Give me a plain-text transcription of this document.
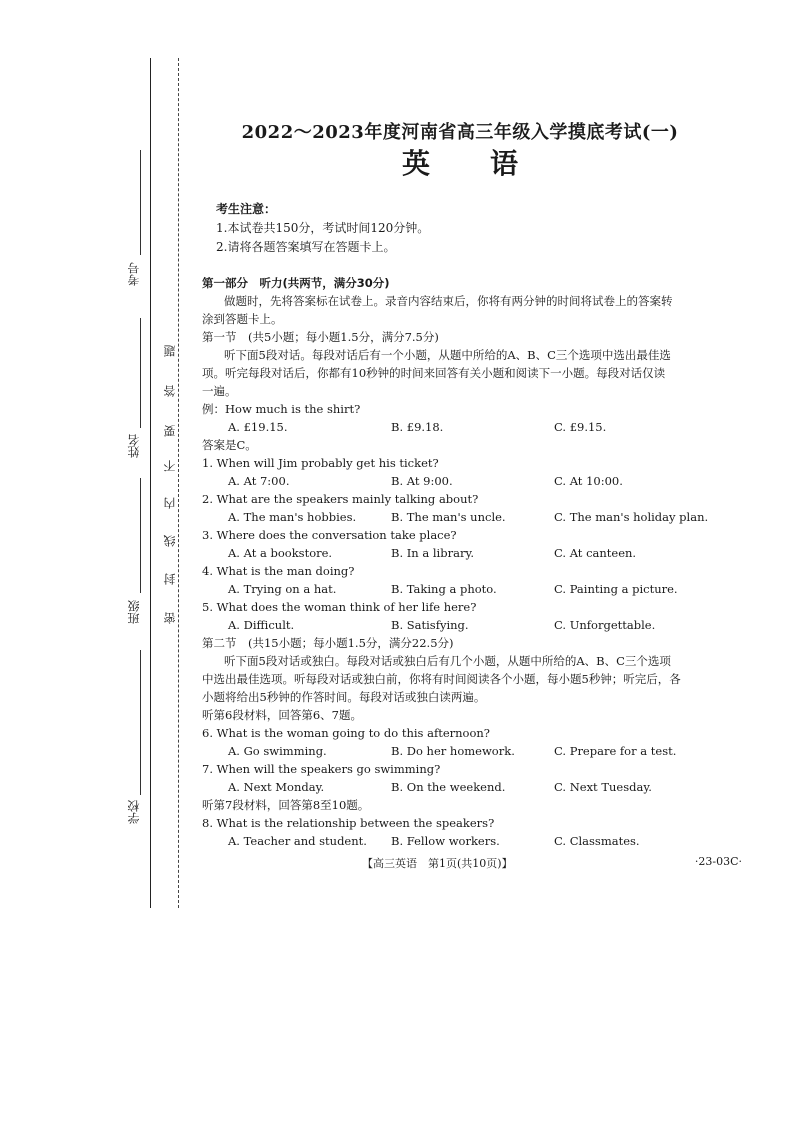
考号
姓名
班级
学校
题
答
要
不
内
线
封
密
2022～2023年度河南省高三年级入学摸底考试(一)
英语
考生注意：
1.本试卷共150分，考试时间120分钟。
2.请将各题答案填写在答题卡上。
第一部分　听力(共两节，满分30分)
做题时，先将答案标在试卷上。录音内容结束后，你将有两分钟的时间将试卷上的答案转
涂到答题卡上。
第一节　(共5小题；每小题1.5分，满分7.5分)
听下面5段对话。每段对话后有一个小题，从题中所给的A、B、C三个选项中选出最佳选
项。听完每段对话后，你都有10秒钟的时间来回答有关小题和阅读下一小题。每段对话仅读
一遍。
例：How much is the shirt?
A. £19.15.	B. £9.18.	C. £9.15.
答案是C。
1. When will Jim probably get his ticket?
A. At 7:00.	B. At 9:00.	C. At 10:00.
2. What are the speakers mainly talking about?
A. The man's hobbies.	B. The man's uncle.	C. The man's holiday plan.
3. Where does the conversation take place?
A. At a bookstore.	B. In a library.	C. At canteen.
4. What is the man doing?
A. Trying on a hat.	B. Taking a photo.	C. Painting a picture.
5. What does the woman think of her life here?
A. Difficult.	B. Satisfying.	C. Unforgettable.
第二节　(共15小题；每小题1.5分，满分22.5分)
听下面5段对话或独白。每段对话或独白后有几个小题，从题中所给的A、B、C三个选项
中选出最佳选项。听每段对话或独白前，你将有时间阅读各个小题，每小题5秒钟；听完后，各
小题将给出5秒钟的作答时间。每段对话或独白读两遍。
听第6段材料，回答第6、7题。
6. What is the woman going to do this afternoon?
A. Go swimming.	B. Do her homework.	C. Prepare for a test.
7. When will the speakers go swimming?
A. Next Monday.	B. On the weekend.	C. Next Tuesday.
听第7段材料，回答第8至10题。
8. What is the relationship between the speakers?
A. Teacher and student.	B. Fellow workers.	C. Classmates.
【高三英语　第1页(共10页)】	·23-03C·
